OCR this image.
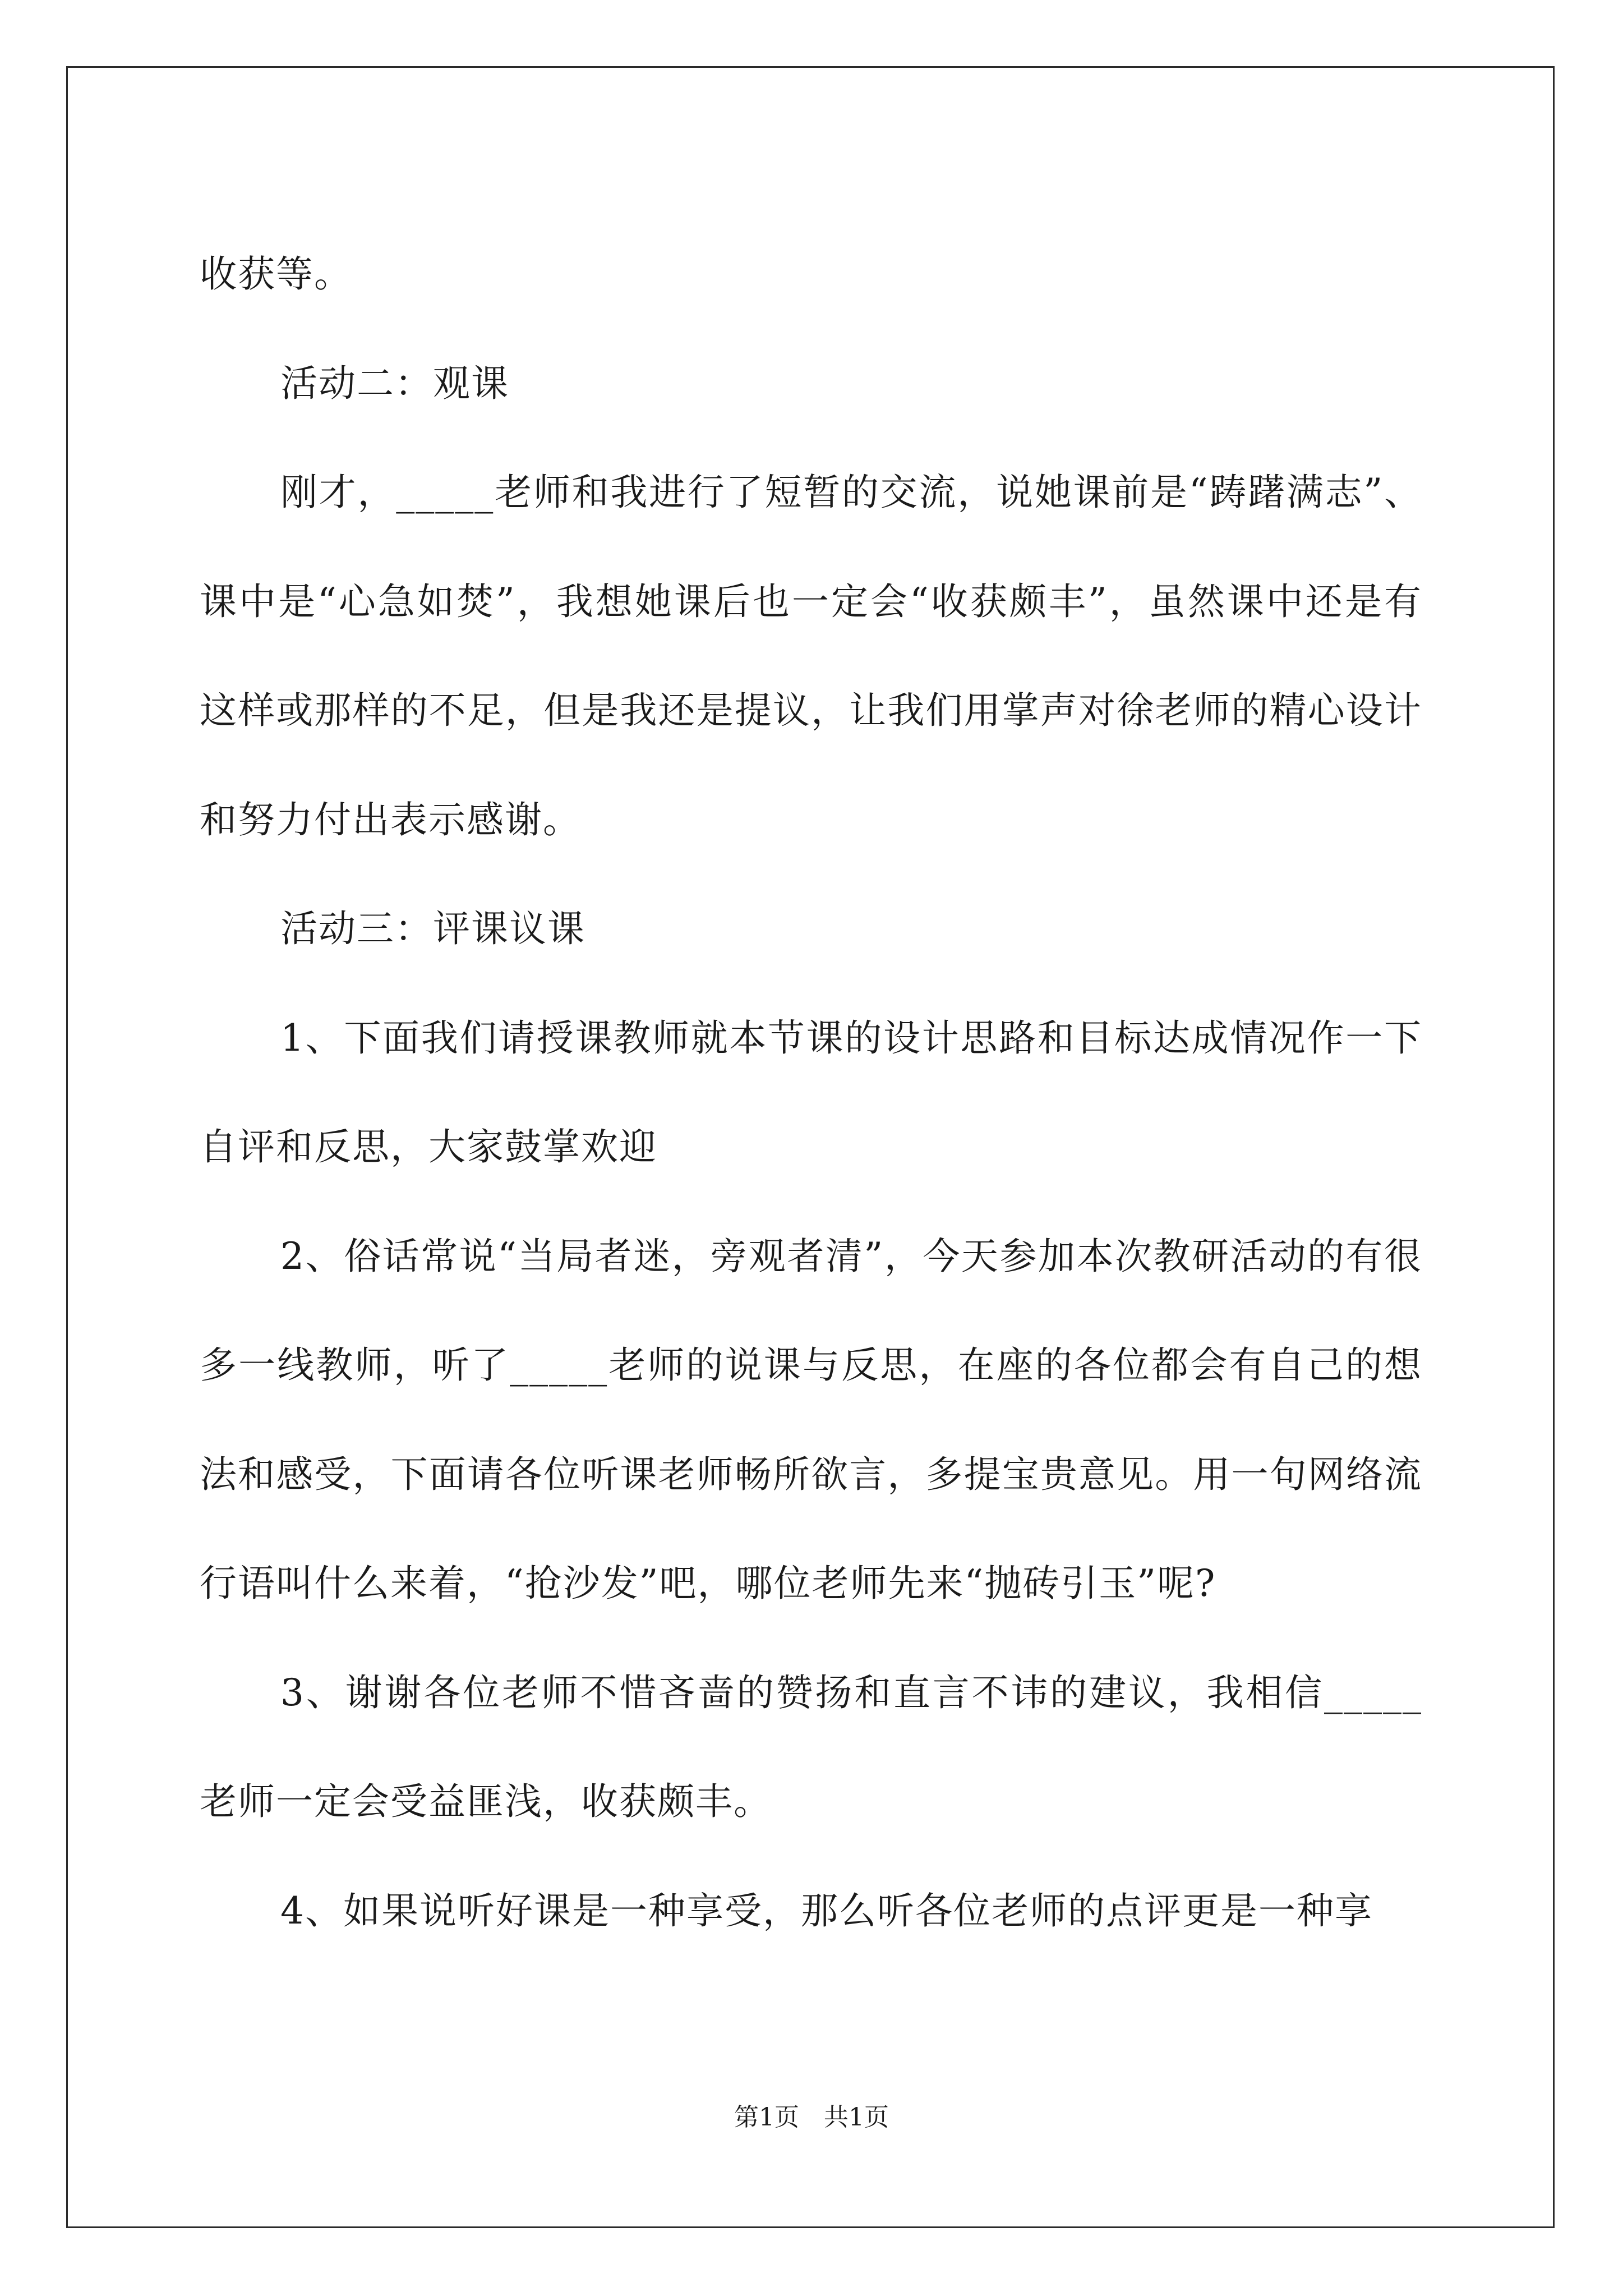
收获等。

活动二：观课

刚才，_____老师和我进行了短暂的交流，说她课前是“踌躇满志”、课中是“心急如焚”，我想她课后也一定会“收获颇丰”，虽然课中还是有这样或那样的不足，但是我还是提议，让我们用掌声对徐老师的精心设计和努力付出表示感谢。

活动三：评课议课

1、下面我们请授课教师就本节课的设计思路和目标达成情况作一下自评和反思，大家鼓掌欢迎

2、俗话常说“当局者迷，旁观者清”，今天参加本次教研活动的有很多一线教师，听了_____老师的说课与反思，在座的各位都会有自己的想法和感受，下面请各位听课老师畅所欲言，多提宝贵意见。用一句网络流行语叫什么来着，“抢沙发”吧，哪位老师先来“抛砖引玉”呢?

3、谢谢各位老师不惜吝啬的赞扬和直言不讳的建议，我相信_____老师一定会受益匪浅，收获颇丰。

4、如果说听好课是一种享受，那么听各位老师的点评更是一种享

第1页　共1页
